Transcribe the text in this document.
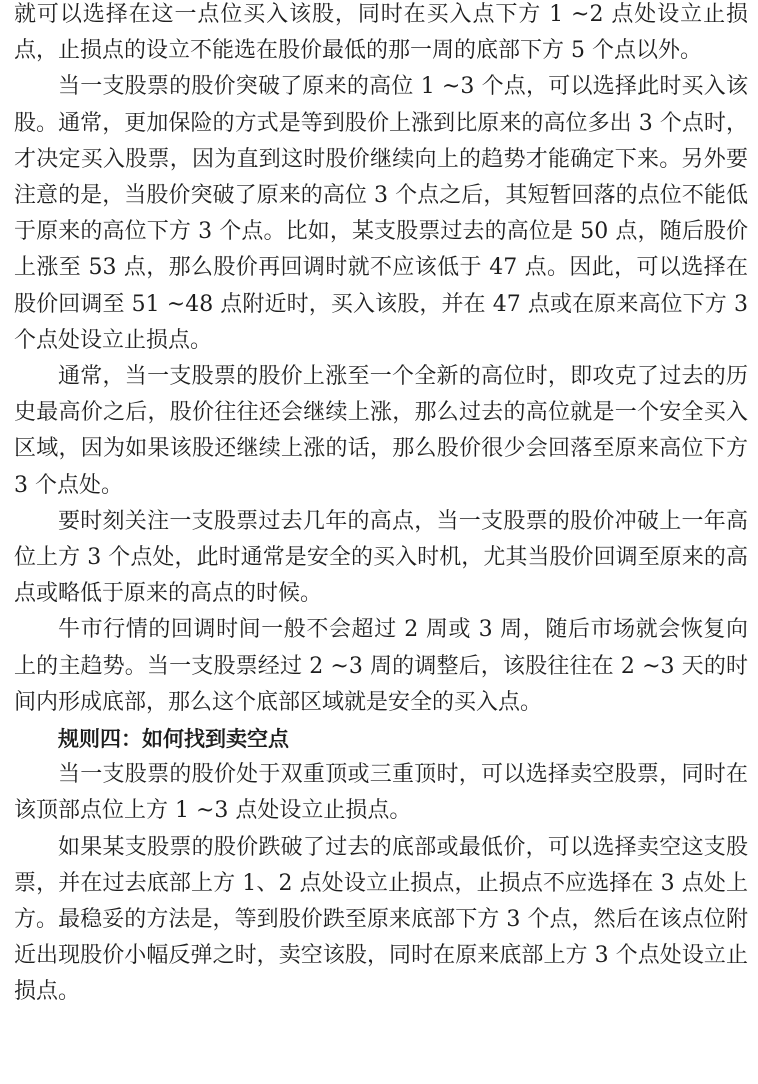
就可以选择在这一点位买入该股，同时在买入点下方 1 ~2 点处设立止损点，止损点的设立不能选在股价最低的那一周的底部下方 5 个点以外。

当一支股票的股价突破了原来的高位 1 ~3 个点，可以选择此时买入该股。通常，更加保险的方式是等到股价上涨到比原来的高位多出 3 个点时，才决定买入股票，因为直到这时股价继续向上的趋势才能确定下来。另外要注意的是，当股价突破了原来的高位 3 个点之后，其短暂回落的点位不能低于原来的高位下方 3 个点。比如，某支股票过去的高位是 50 点，随后股价上涨至 53 点，那么股价再回调时就不应该低于 47 点。因此，可以选择在股价回调至 51 ~48 点附近时，买入该股，并在 47 点或在原来高位下方 3 个点处设立止损点。

通常，当一支股票的股价上涨至一个全新的高位时，即攻克了过去的历史最高价之后，股价往往还会继续上涨，那么过去的高位就是一个安全买入区域，因为如果该股还继续上涨的话，那么股价很少会回落至原来高位下方 3 个点处。

要时刻关注一支股票过去几年的高点，当一支股票的股价冲破上一年高位上方 3 个点处，此时通常是安全的买入时机，尤其当股价回调至原来的高点或略低于原来的高点的时候。

牛市行情的回调时间一般不会超过 2 周或 3 周，随后市场就会恢复向上的主趋势。当一支股票经过 2 ~3 周的调整后，该股往往在 2 ~3 天的时间内形成底部，那么这个底部区域就是安全的买入点。

规则四：如何找到卖空点

当一支股票的股价处于双重顶或三重顶时，可以选择卖空股票，同时在该顶部点位上方 1 ~3 点处设立止损点。

如果某支股票的股价跌破了过去的底部或最低价，可以选择卖空这支股票，并在过去底部上方 1、2 点处设立止损点，止损点不应选择在 3 点处上方。最稳妥的方法是，等到股价跌至原来底部下方 3 个点，然后在该点位附近出现股价小幅反弹之时，卖空该股，同时在原来底部上方 3 个点处设立止损点。
